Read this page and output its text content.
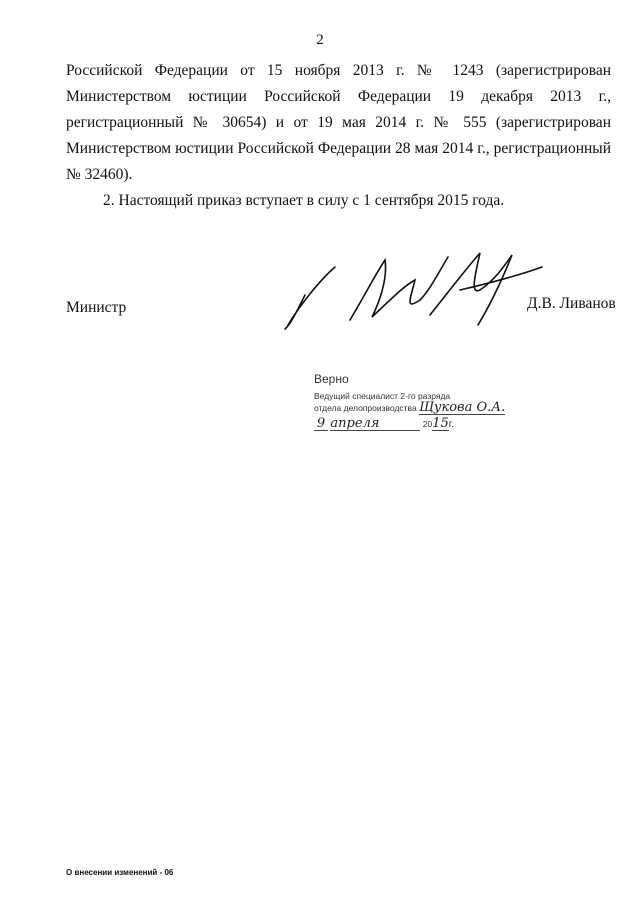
2
Российской Федерации от 15 ноября 2013 г. № 1243 (зарегистрирован
Министерством юстиции Российской Федерации 19 декабря 2013 г.,
регистрационный № 30654) и от 19 мая 2014 г. № 555 (зарегистрирован
Министерством юстиции Российской Федерации 28 мая 2014 г., регистрационный
№ 32460).
2. Настоящий приказ вступает в силу с 1 сентября 2015 года.
Министр	Д.В. Ливанов
Верно
Ведущий специалист 2-го разряда
отдела делопроизводства Щукова О.А.
9 апреля	2015г.
О внесении изменений - 06
